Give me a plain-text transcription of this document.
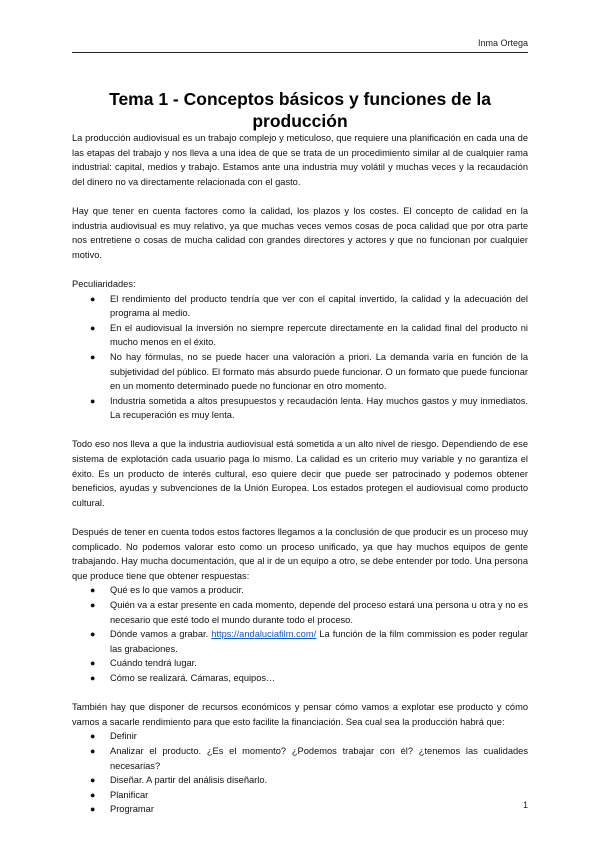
Inma Ortega
Tema 1 - Conceptos básicos y funciones de la producción

La producción audiovisual es un trabajo complejo y meticuloso, que requiere una planificación en cada una de las etapas del trabajo y nos lleva a una idea de que se trata de un procedimiento similar al de cualquier rama industrial: capital, medios y trabajo. Estamos ante una industria muy volátil y muchas veces y la recaudación del dinero no va directamente relacionada con el gasto.

Hay que tener en cuenta factores como la calidad, los plazos y los costes. El concepto de calidad en la industria audiovisual es muy relativo, ya que muchas veces vemos cosas de poca calidad que por otra parte nos entretiene o cosas de mucha calidad con grandes directores y actores y que no funcionan por cualquier motivo.

Peculiaridades:

● El rendimiento del producto tendría que ver con el capital invertido, la calidad y la adecuación del programa al medio.
● En el audiovisual la inversión no siempre repercute directamente en la calidad final del producto ni mucho menos en el éxito.
● No hay fórmulas, no se puede hacer una valoración a priori. La demanda varía en función de la subjetividad del público. El formato más absurdo puede funcionar. O un formato que puede funcionar en un momento determinado puede no funcionar en otro momento.
● Industria sometida a altos presupuestos y recaudación lenta. Hay muchos gastos y muy inmediatos. La recuperación es muy lenta.

Todo eso nos lleva a que la industria audiovisual está sometida a un alto nivel de riesgo. Dependiendo de ese sistema de explotación cada usuario paga lo mismo. La calidad es un criterio muy variable y no garantiza el éxito. Es un producto de interés cultural, eso quiere decir que puede ser patrocinado y podemos obtener beneficios, ayudas y subvenciones de la Unión Europea. Los estados protegen el audiovisual como producto cultural.

Después de tener en cuenta todos estos factores llegamos a la conclusión de que producir es un proceso muy complicado. No podemos valorar esto como un proceso unificado, ya que hay muchos equipos de gente trabajando. Hay mucha documentación, que al ir de un equipo a otro, se debe entender por todo. Una persona que produce tiene que obtener respuestas:

● Qué es lo que vamos a producir.
● Quién va a estar presente en cada momento, depende del proceso estará una persona u otra y no es necesario que esté todo el mundo durante todo el proceso.
● Dónde vamos a grabar. https://andaluciafilm.com/ La función de la film commission es poder regular las grabaciones.
● Cuándo tendrá lugar.
● Cómo se realizará. Cámaras, equipos…

También hay que disponer de recursos económicos y pensar cómo vamos a explotar ese producto y cómo vamos a sacarle rendimiento para que esto facilite la financiación. Sea cual sea la producción habrá que:

● Definir
● Analizar el producto. ¿Es el momento? ¿Podemos trabajar con él? ¿tenemos las cualidades necesarias?
● Diseñar. A partir del análisis diseñarlo.
● Planificar
● Programar	1
